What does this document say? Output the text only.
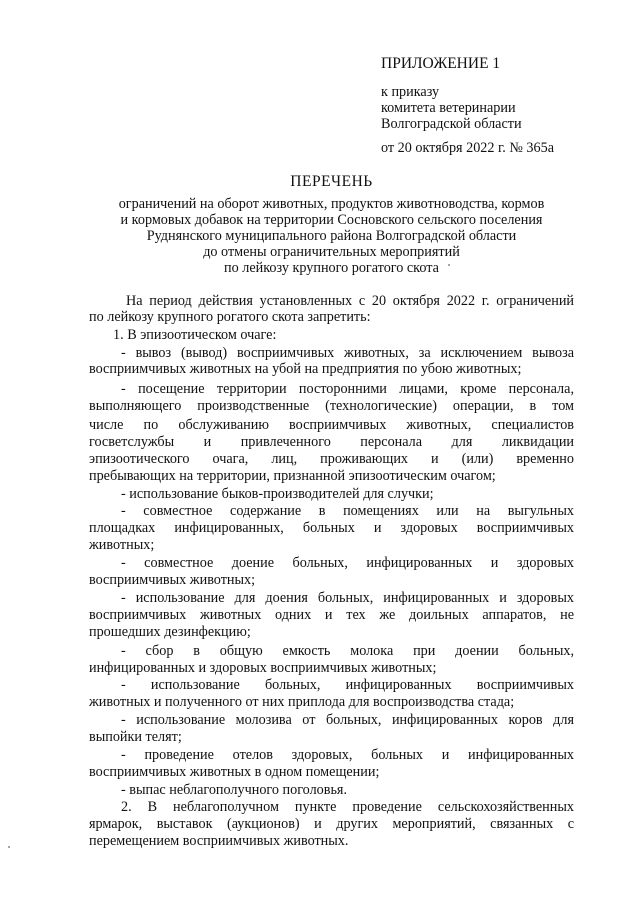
ПРИЛОЖЕНИЕ 1
к приказу
комитета ветеринарии
Волгоградской области
от 20 октября 2022 г. № 365а
ПЕРЕЧЕНЬ
ограничений на оборот животных, продуктов животноводства, кормов
и кормовых добавок на территории Сосновского сельского поселения
Руднянского муниципального района Волгоградской области
до отмены ограничительных мероприятий
по лейкозу крупного рогатого скота
На период действия установленных с 20 октября 2022 г. ограничений
по лейкозу крупного рогатого скота запретить:
1. В эпизоотическом очаге:
- вывоз (вывод) восприимчивых животных, за исключением вывоза
восприимчивых животных на убой на предприятия по убою животных;
- посещение территории посторонними лицами, кроме персонала,
выполняющего производственные (технологические) операции, в том
числе по обслуживанию восприимчивых животных, специалистов
госветслужбы и привлеченного персонала для ликвидации
эпизоотического очага, лиц, проживающих и (или) временно
пребывающих на территории, признанной эпизоотическим очагом;
- использование быков-производителей для случки;
- совместное содержание в помещениях или на выгульных
площадках инфицированных, больных и здоровых восприимчивых
животных;
- совместное доение больных, инфицированных и здоровых
восприимчивых животных;
- использование для доения больных, инфицированных и здоровых
восприимчивых животных одних и тех же доильных аппаратов, не
прошедших дезинфекцию;
- сбор в общую емкость молока при доении больных,
инфицированных и здоровых восприимчивых животных;
- использование больных, инфицированных восприимчивых
животных и полученного от них приплода для воспроизводства стада;
- использование молозива от больных, инфицированных коров для
выпойки телят;
- проведение отелов здоровых, больных и инфицированных
восприимчивых животных в одном помещении;
- выпас неблагополучного поголовья.
2. В неблагополучном пункте проведение сельскохозяйственных
ярмарок, выставок (аукционов) и других мероприятий, связанных с
перемещением восприимчивых животных.
